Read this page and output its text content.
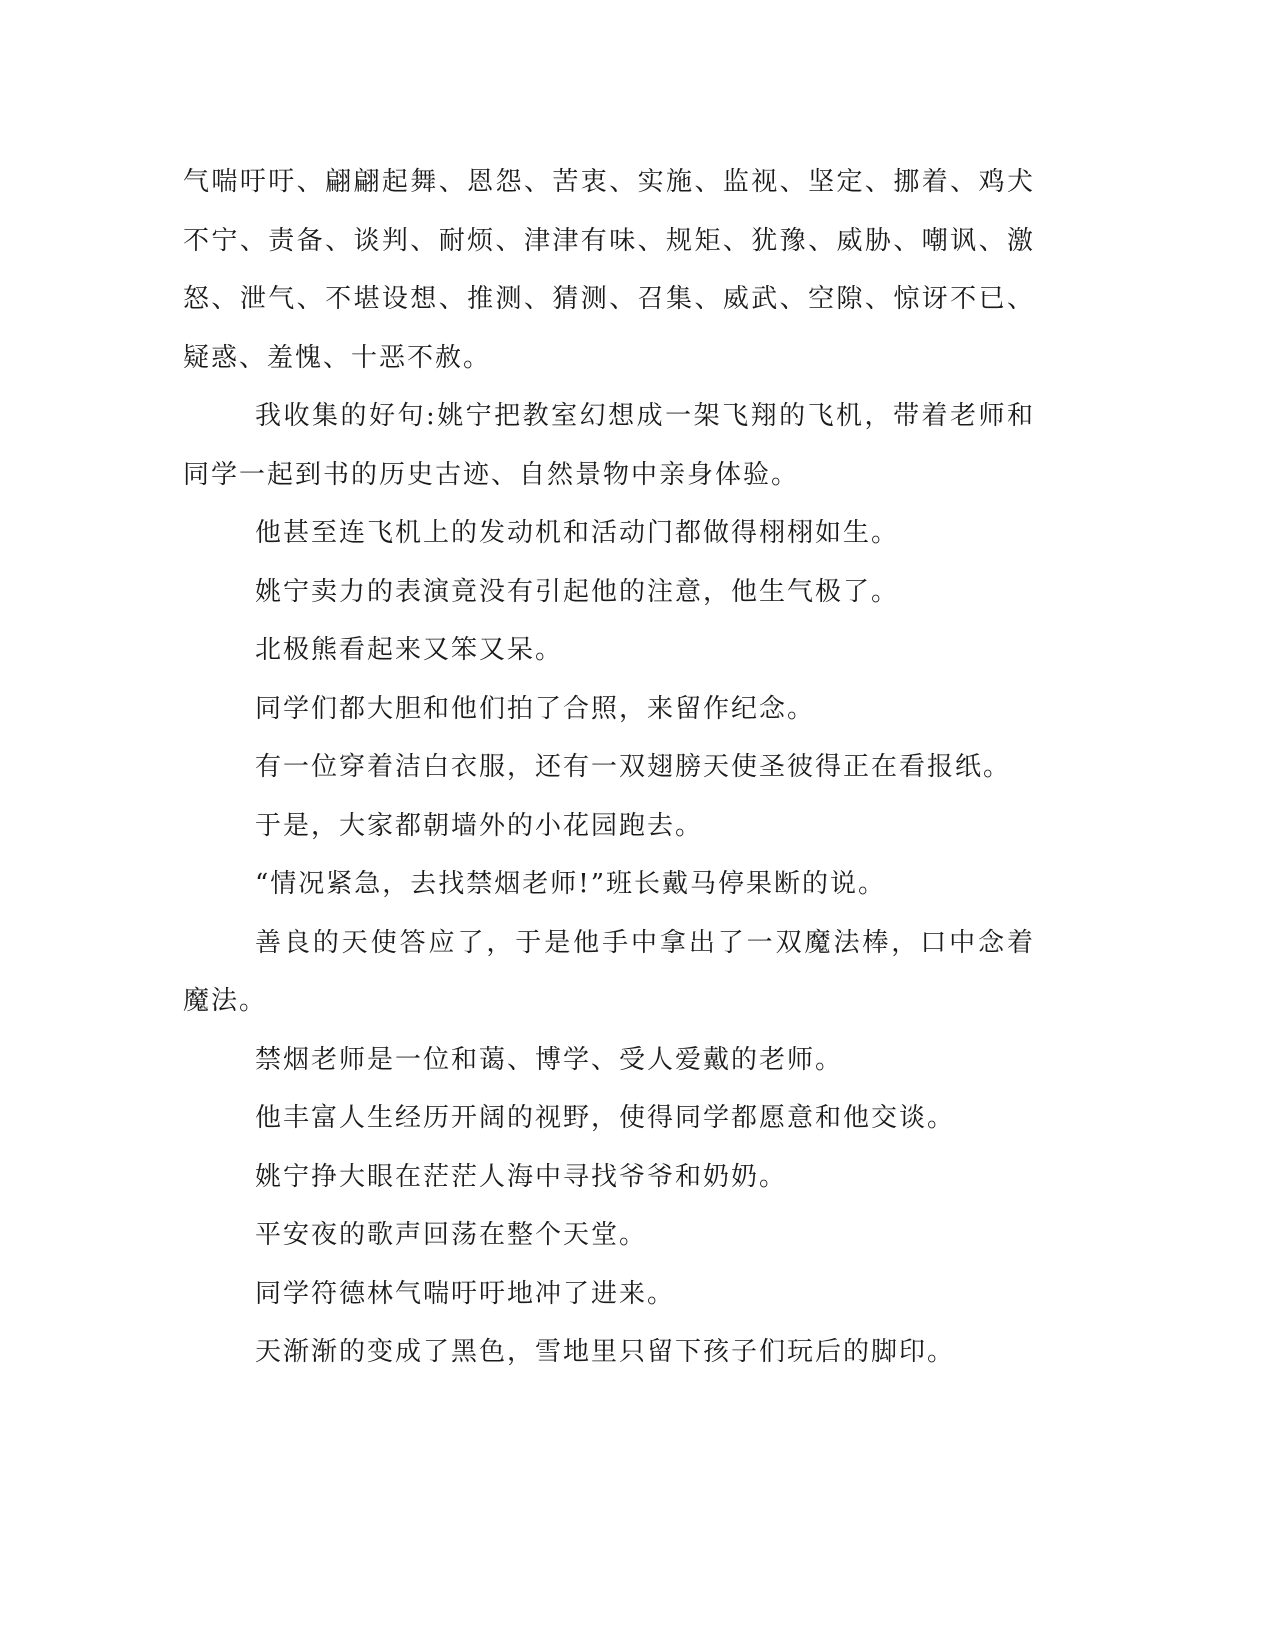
气喘吁吁、翩翩起舞、恩怨、苦衷、实施、监视、坚定、挪着、鸡犬不宁、责备、谈判、耐烦、津津有味、规矩、犹豫、威胁、嘲讽、激怒、泄气、不堪设想、推测、猜测、召集、威武、空隙、惊讶不已、疑惑、羞愧、十恶不赦。

我收集的好句:姚宁把教室幻想成一架飞翔的飞机，带着老师和同学一起到书的历史古迹、自然景物中亲身体验。

他甚至连飞机上的发动机和活动门都做得栩栩如生。

姚宁卖力的表演竟没有引起他的注意，他生气极了。

北极熊看起来又笨又呆。

同学们都大胆和他们拍了合照，来留作纪念。

有一位穿着洁白衣服，还有一双翅膀天使圣彼得正在看报纸。

于是，大家都朝墙外的小花园跑去。

“情况紧急，去找禁烟老师!”班长戴马停果断的说。

善良的天使答应了，于是他手中拿出了一双魔法棒，口中念着魔法。

禁烟老师是一位和蔼、博学、受人爱戴的老师。

他丰富人生经历开阔的视野，使得同学都愿意和他交谈。

姚宁挣大眼在茫茫人海中寻找爷爷和奶奶。

平安夜的歌声回荡在整个天堂。

同学符德林气喘吁吁地冲了进来。

天渐渐的变成了黑色，雪地里只留下孩子们玩后的脚印。
